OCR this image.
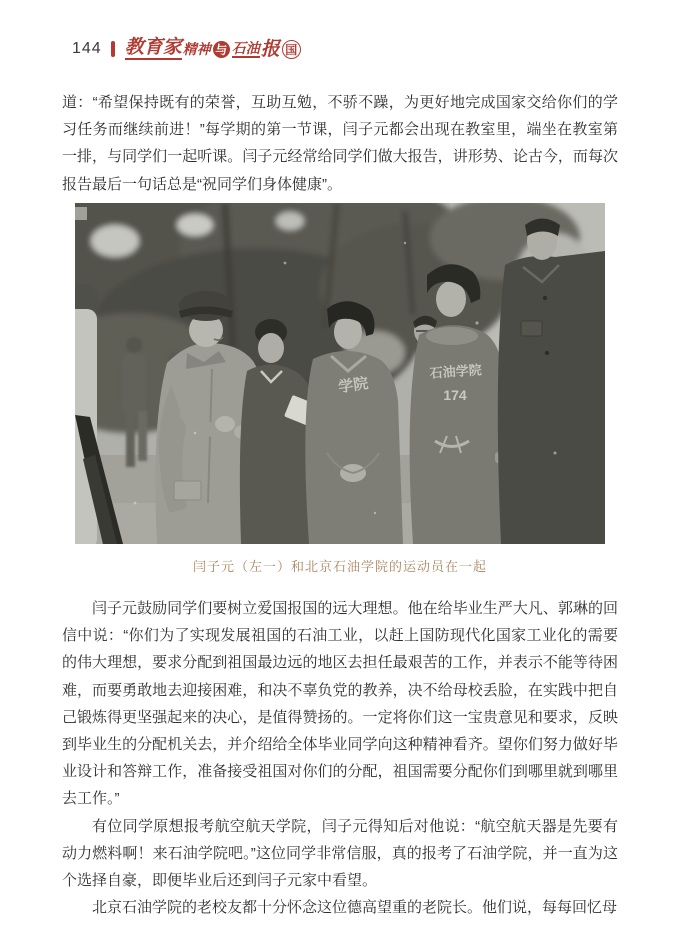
144 教育家 精神 与 石油 报 国

道：“希望保持既有的荣誉，互助互勉，不骄不躁，为更好地完成国家交给你们的学习任务而继续前进！”每学期的第一节课，闫子元都会出现在教室里，端坐在教室第一排，与同学们一起听课。闫子元经常给同学们做大报告，讲形势、论古今，而每次报告最后一句话总是“祝同学们身体健康”。

学院
石油学院
174
闫子元（左一）和北京石油学院的运动员在一起

闫子元鼓励同学们要树立爱国报国的远大理想。他在给毕业生严大凡、郭琳的回信中说：“你们为了实现发展祖国的石油工业，以赶上国防现代化国家工业化的需要的伟大理想，要求分配到祖国最边远的地区去担任最艰苦的工作，并表示不能等待困难，而要勇敢地去迎接困难，和决不辜负党的教养，决不给母校丢脸，在实践中把自己锻炼得更坚强起来的决心，是值得赞扬的。一定将你们这一宝贵意见和要求，反映到毕业生的分配机关去，并介绍给全体毕业同学向这种精神看齐。望你们努力做好毕业设计和答辩工作，准备接受祖国对你们的分配，祖国需要分配你们到哪里就到哪里去工作。”

有位同学原想报考航空航天学院，闫子元得知后对他说：“航空航天器是先要有动力燃料啊！来石油学院吧。”这位同学非常信服，真的报考了石油学院，并一直为这个选择自豪，即便毕业后还到闫子元家中看望。

北京石油学院的老校友都十分怀念这位德高望重的老院长。他们说，每每回忆母
